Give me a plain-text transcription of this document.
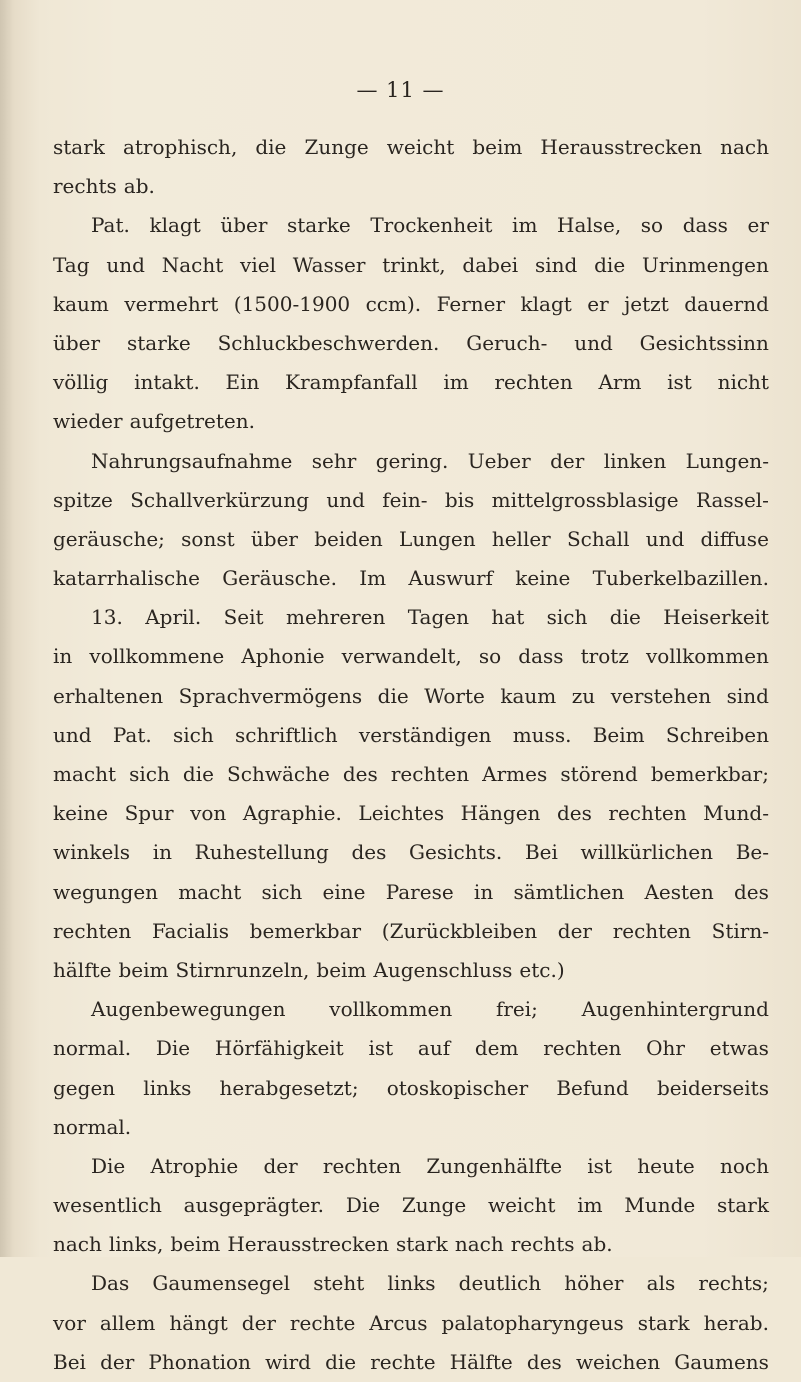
— 11 —
stark atrophisch, die Zunge weicht beim Herausstrecken nach
rechts ab.
Pat. klagt über starke Trockenheit im Halse, so dass er
Tag und Nacht viel Wasser trinkt, dabei sind die Urinmengen
kaum vermehrt (1500-1900 ccm). Ferner klagt er jetzt dauernd
über starke Schluckbeschwerden. Geruch- und Gesichtssinn
völlig intakt. Ein Krampfanfall im rechten Arm ist nicht
wieder aufgetreten.
Nahrungsaufnahme sehr gering. Ueber der linken Lungen-
spitze Schallverkürzung und fein- bis mittelgrossblasige Rassel-
geräusche; sonst über beiden Lungen heller Schall und diffuse
katarrhalische Geräusche. Im Auswurf keine Tuberkelbazillen.
13. April. Seit mehreren Tagen hat sich die Heiserkeit
in vollkommene Aphonie verwandelt, so dass trotz vollkommen
erhaltenen Sprachvermögens die Worte kaum zu verstehen sind
und Pat. sich schriftlich verständigen muss. Beim Schreiben
macht sich die Schwäche des rechten Armes störend bemerkbar;
keine Spur von Agraphie. Leichtes Hängen des rechten Mund-
winkels in Ruhestellung des Gesichts. Bei willkürlichen Be-
wegungen macht sich eine Parese in sämtlichen Aesten des
rechten Facialis bemerkbar (Zurückbleiben der rechten Stirn-
hälfte beim Stirnrunzeln, beim Augenschluss etc.)
Augenbewegungen vollkommen frei; Augenhintergrund
normal. Die Hörfähigkeit ist auf dem rechten Ohr etwas
gegen links herabgesetzt; otoskopischer Befund beiderseits
normal.
Die Atrophie der rechten Zungenhälfte ist heute noch
wesentlich ausgeprägter. Die Zunge weicht im Munde stark
nach links, beim Herausstrecken stark nach rechts ab.
Das Gaumensegel steht links deutlich höher als rechts;
vor allem hängt der rechte Arcus palatopharyngeus stark herab.
Bei der Phonation wird die rechte Hälfte des weichen Gaumens
